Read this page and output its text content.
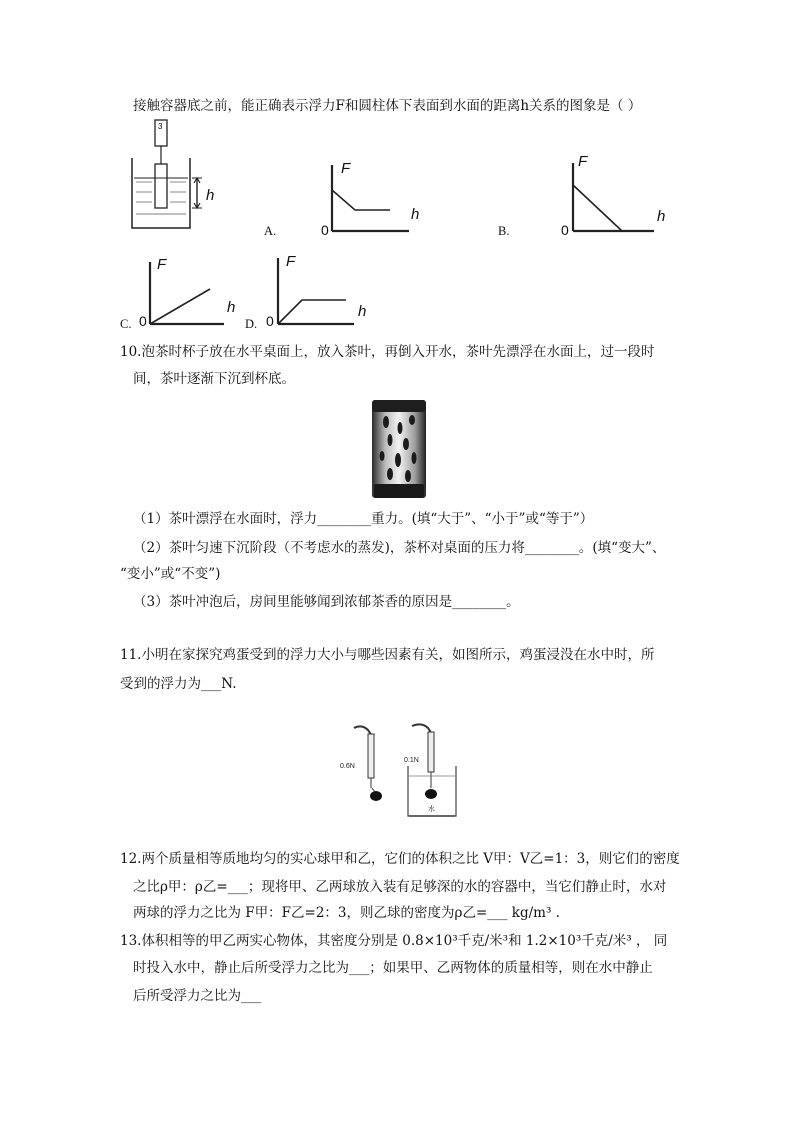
接触容器底之前，能正确表示浮力F和圆柱体下表面到水面的距离h关系的图象是（ ）
3
h
F
h
0
A.
F
h
0
B.
F
h
0
C.
F
h
0
D.
10.泡茶时杯子放在水平桌面上，放入茶叶，再倒入开水，茶叶先漂浮在水面上，过一段时
间，茶叶逐渐下沉到杯底。
（1）茶叶漂浮在水面时，浮力________重力。(填“大于”、“小于”或“等于”）
（2）茶叶匀速下沉阶段（不考虑水的蒸发)，茶杯对桌面的压力将________。(填“变大”、
“变小”或“不变”)
（3）茶叶冲泡后，房间里能够闻到浓郁茶香的原因是________。
11.小明在家探究鸡蛋受到的浮力大小与哪些因素有关，如图所示，鸡蛋浸没在水中时，所
受到的浮力为___N.
0.6N
0.1N
水
12.两个质量相等质地均匀的实心球甲和乙，它们的体积之比 V甲：V乙=1：3，则它们的密度
之比ρ甲：ρ乙=___；现将甲、乙两球放入装有足够深的水的容器中，当它们静止时，水对
两球的浮力之比为 F甲：F乙=2：3，则乙球的密度为ρ乙=___ kg/m³ .
13.体积相等的甲乙两实心物体，其密度分别是 0.8×10³千克/米³和 1.2×10³千克/米³ ， 同
时投入水中，静止后所受浮力之比为___；如果甲、乙两物体的质量相等，则在水中静止
后所受浮力之比为___
